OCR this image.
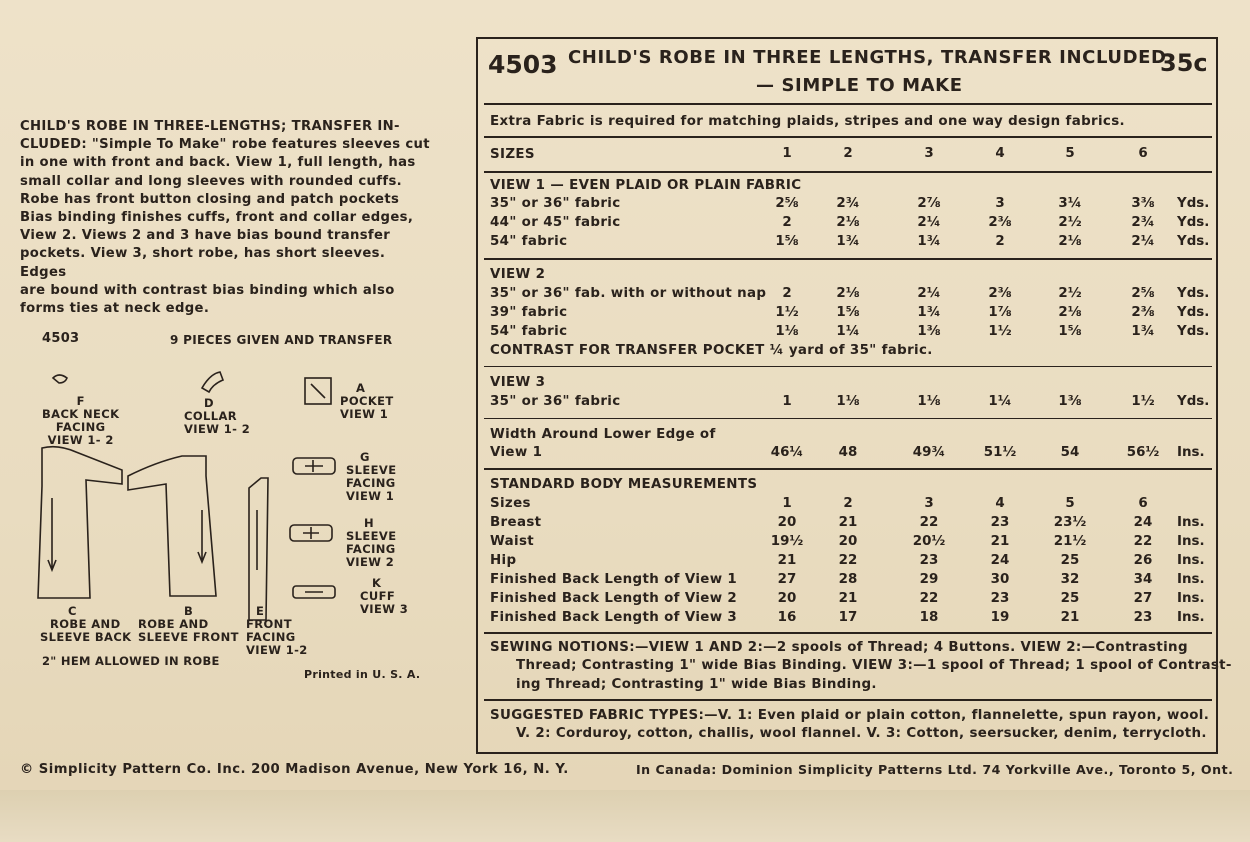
CHILD'S ROBE IN THREE-LENGTHS; TRANSFER IN-
CLUDED: "Simple To Make" robe features sleeves cut
in one with front and back. View 1, full length, has
small collar and long sleeves with rounded cuffs.
Robe has front button closing and patch pockets
Bias binding finishes cuffs, front and collar edges,
View 2. Views 2 and 3 have bias bound transfer
pockets. View 3, short robe, has short sleeves. Edges
are bound with contrast bias binding which also
forms ties at neck edge.
4503	9 PIECES GIVEN AND TRANSFER
F
BACK NECK
FACING
VIEW 1- 2
D
COLLAR
VIEW 1- 2
A
POCKET
VIEW 1
G
SLEEVE
FACING
VIEW 1
H
SLEEVE
FACING
VIEW 2
K
CUFF
VIEW 3
C
ROBE AND
SLEEVE BACK
B
ROBE AND
SLEEVE FRONT
E
FRONT
FACING
VIEW 1-2
2" HEM ALLOWED IN ROBE
Printed in U. S. A.
4503 CHILD'S ROBE IN THREE LENGTHS, TRANSFER INCLUDED
— SIMPLE TO MAKE
35c
Extra Fabric is required for matching plaids, stripes and one way design fabrics.
SIZES	1	2	3	4	5	6
VIEW 1 — EVEN PLAID OR PLAIN FABRIC
35" or 36" fabric	2⅝	2¾	2⅞	3	3¼	3⅜	Yds.
44" or 45" fabric	2	2⅛	2¼	2⅜	2½	2¾	Yds.
54" fabric	1⅝	1¾	1¾	2	2⅛	2¼	Yds.
VIEW 2
35" or 36" fab. with or without nap	2	2⅛	2¼	2⅜	2½	2⅝	Yds.
39" fabric	1½	1⅝	1¾	1⅞	2⅛	2⅜	Yds.
54" fabric	1⅛	1¼	1⅜	1½	1⅝	1¾	Yds.
CONTRAST FOR TRANSFER POCKET ¼ yard of 35" fabric.
VIEW 3
35" or 36" fabric	1	1⅛	1⅛	1¼	1⅜	1½	Yds.
Width Around Lower Edge of
View 1	46¼	48	49¾	51½	54	56½	Ins.
STANDARD BODY MEASUREMENTS
Sizes	1	2	3	4	5	6
Breast	20	21	22	23	23½	24	Ins.
Waist	19½	20	20½	21	21½	22	Ins.
Hip	21	22	23	24	25	26	Ins.
Finished Back Length of View 1	27	28	29	30	32	34	Ins.
Finished Back Length of View 2	20	21	22	23	25	27	Ins.
Finished Back Length of View 3	16	17	18	19	21	23	Ins.
SEWING NOTIONS:—VIEW 1 AND 2:—2 spools of Thread; 4 Buttons. VIEW 2:—Contrasting
Thread; Contrasting 1" wide Bias Binding. VIEW 3:—1 spool of Thread; 1 spool of Contrast-
ing Thread; Contrasting 1" wide Bias Binding.
SUGGESTED FABRIC TYPES:—V. 1: Even plaid or plain cotton, flannelette, spun rayon, wool.
V. 2: Corduroy, cotton, challis, wool flannel. V. 3: Cotton, seersucker, denim, terrycloth.
© Simplicity Pattern Co. Inc. 200 Madison Avenue, New York 16, N. Y.	In Canada: Dominion Simplicity Patterns Ltd. 74 Yorkville Ave., Toronto 5, Ont.
